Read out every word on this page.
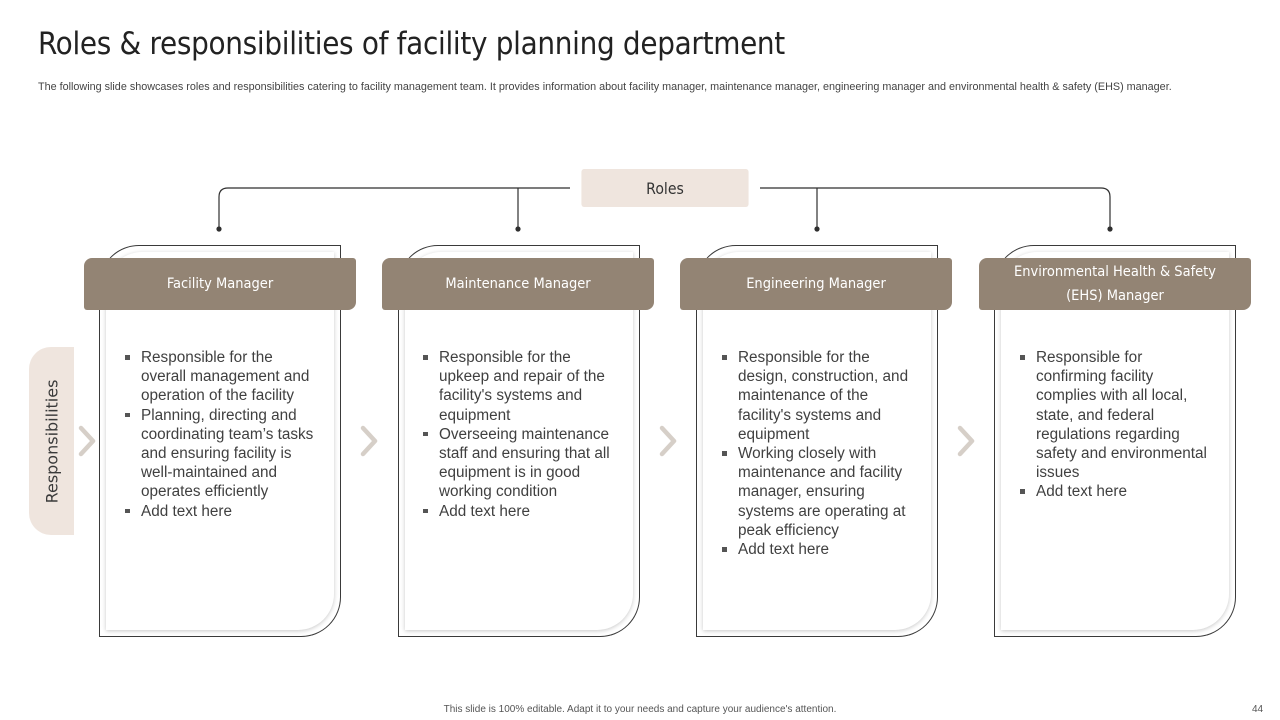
Roles & responsibilities of facility planning department

The following slide showcases roles and responsibilities catering to facility management team. It provides information about facility manager, maintenance manager, engineering manager and environmental health & safety (EHS) manager.

Roles
Responsibilities
Facility Manager
Responsible for the overall management and operation of the facility
Planning, directing and coordinating team’s tasks and ensuring facility is well-maintained and operates efficiently
Add text here
Maintenance Manager
Responsible for the upkeep and repair of the facility's systems and equipment
Overseeing maintenance staff and ensuring that all equipment is in good working condition
Add text here
Engineering Manager
Responsible for the design, construction, and maintenance of the facility's systems and equipment
Working closely with maintenance and facility manager, ensuring systems are operating at peak efficiency
Add text here
Environmental Health & Safety (EHS) Manager
Responsible for confirming facility complies with all local, state, and federal regulations regarding safety and environmental issues
Add text here
This slide is 100% editable. Adapt it to your needs and capture your audience's attention.	44
